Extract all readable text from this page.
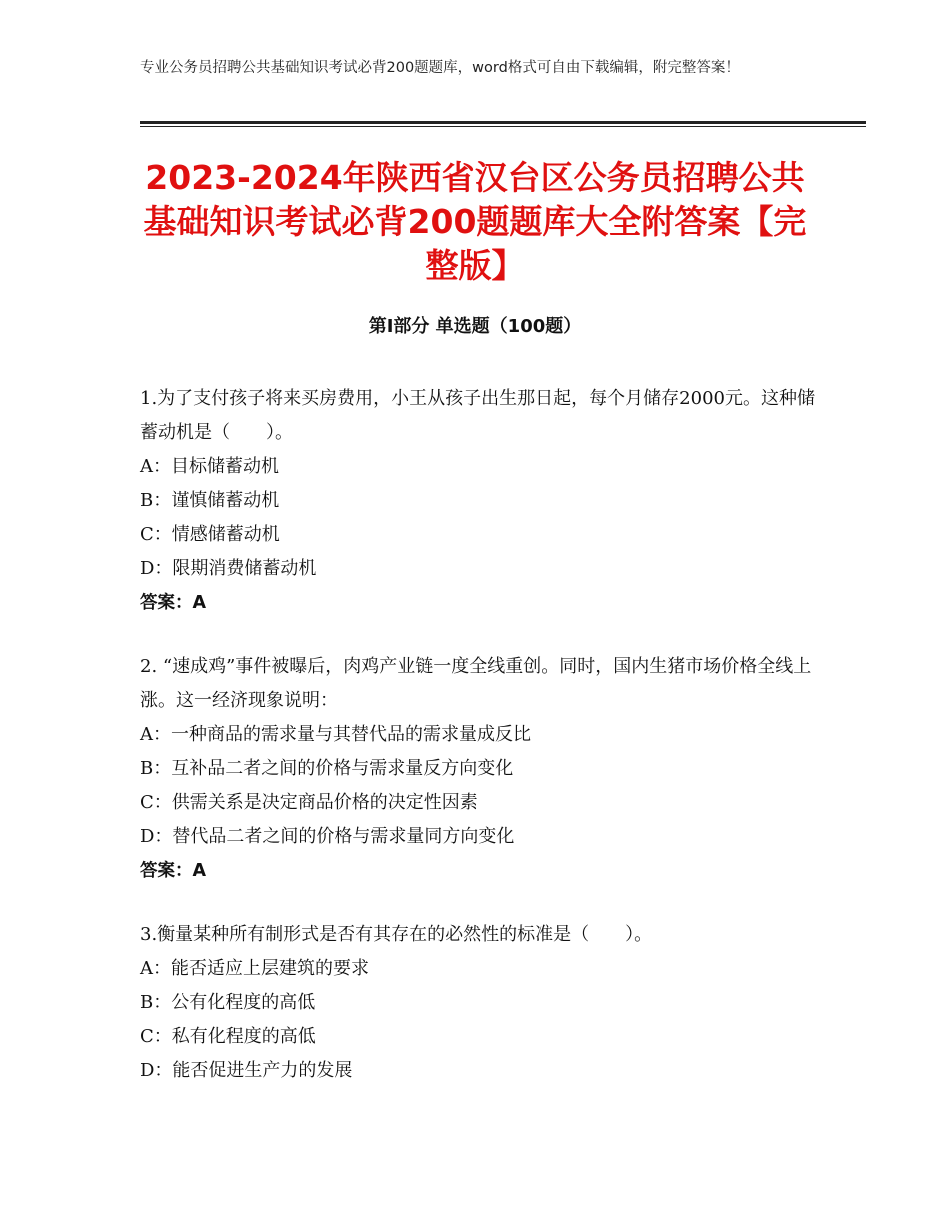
专业公务员招聘公共基础知识考试必背200题题库，word格式可自由下载编辑，附完整答案！
2023-2024年陕西省汉台区公务员招聘公共基础知识考试必背200题题库大全附答案【完整版】
第Ⅰ部分 单选题（100题）

1.为了支付孩子将来买房费用，小王从孩子出生那日起，每个月储存2000元。这种储蓄动机是（　　）。

A：目标储蓄动机

B：谨慎储蓄动机

C：情感储蓄动机

D：限期消费储蓄动机

答案：A

2. “速成鸡”事件被曝后，肉鸡产业链一度全线重创。同时，国内生猪市场价格全线上涨。这一经济现象说明：

A：一种商品的需求量与其替代品的需求量成反比

B：互补品二者之间的价格与需求量反方向变化

C：供需关系是决定商品价格的决定性因素

D：替代品二者之间的价格与需求量同方向变化

答案：A

3.衡量某种所有制形式是否有其存在的必然性的标准是（　　）。

A：能否适应上层建筑的要求

B：公有化程度的高低

C：私有化程度的高低

D：能否促进生产力的发展
